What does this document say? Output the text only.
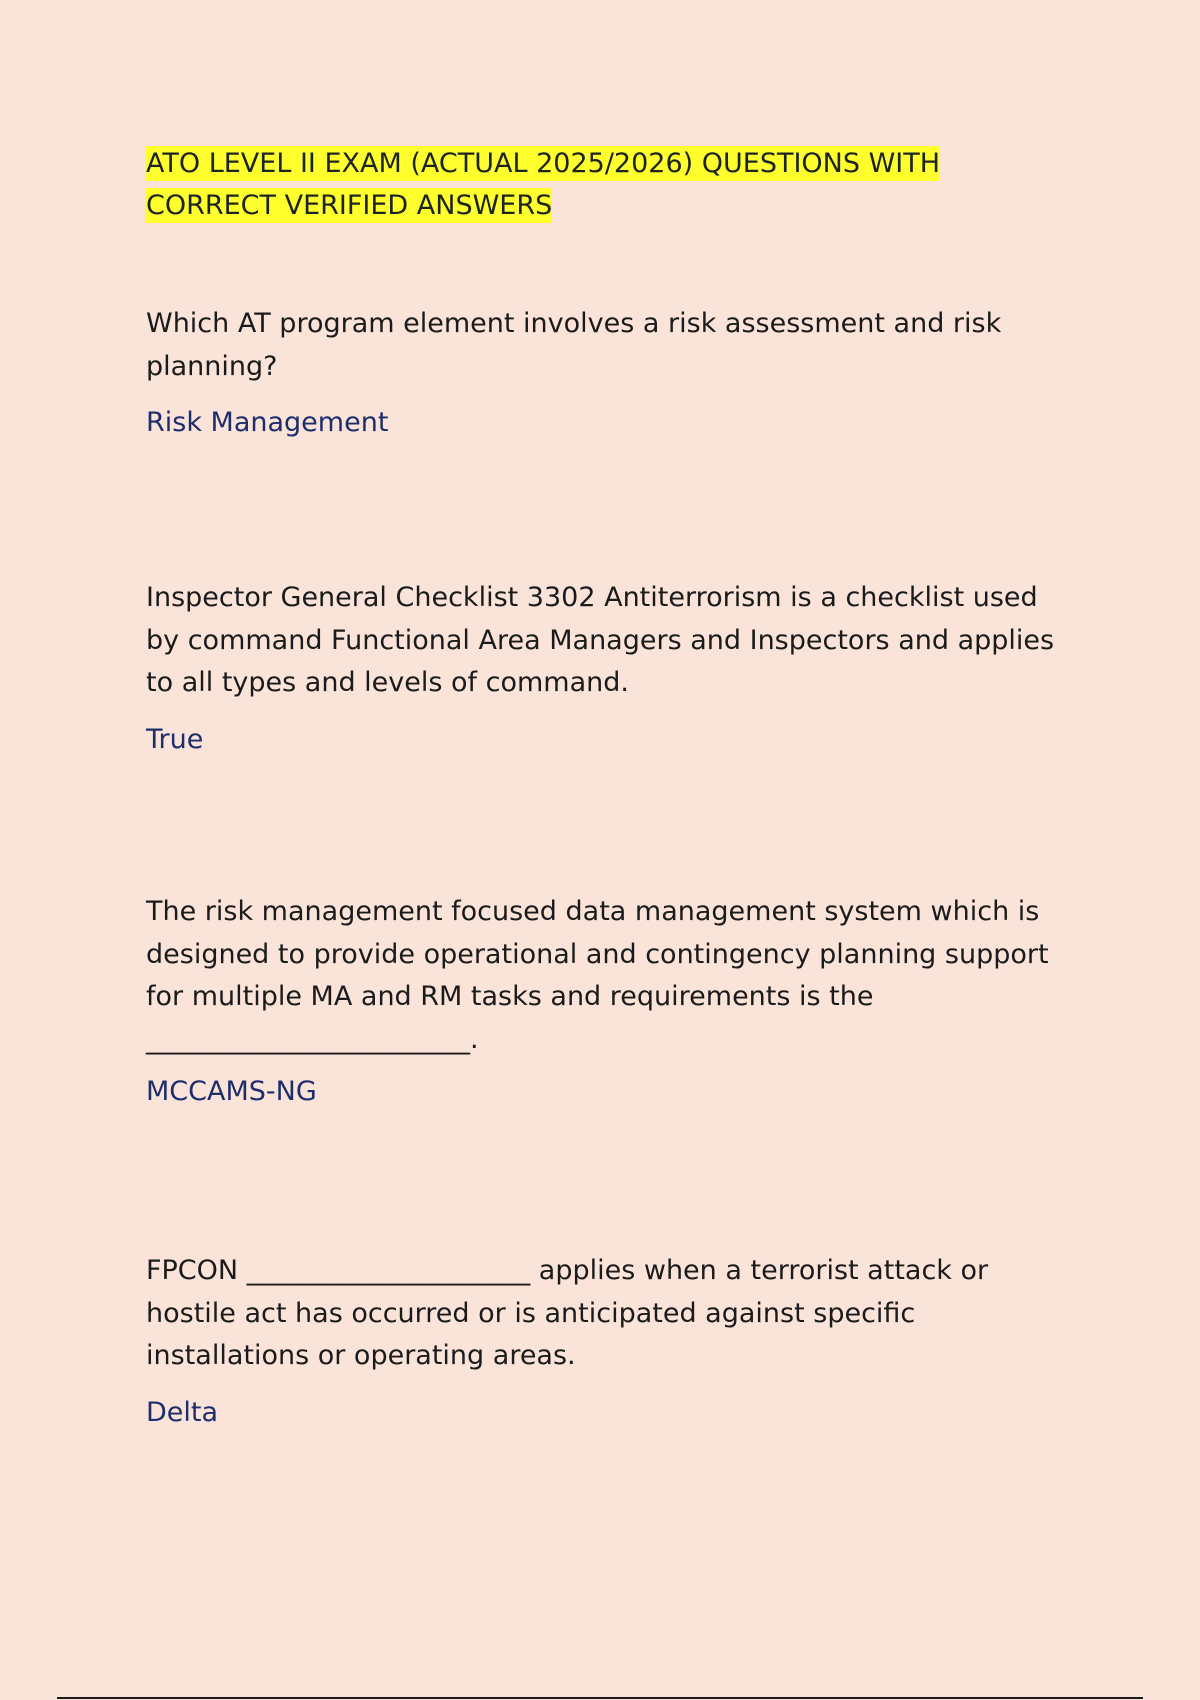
ATO LEVEL II EXAM (ACTUAL 2025/2026) QUESTIONS WITH
CORRECT VERIFIED ANSWERS

Which AT program element involves a risk assessment and risk planning?

Risk Management

Inspector General Checklist 3302 Antiterrorism is a checklist used by command Functional Area Managers and Inspectors and applies to all types and levels of command.

True

The risk management focused data management system which is designed to provide operational and contingency planning support for multiple MA and RM tasks and requirements is the
________________________.

MCCAMS-NG

FPCON _____________________ applies when a terrorist attack or hostile act has occurred or is anticipated against specific installations or operating areas.

Delta
